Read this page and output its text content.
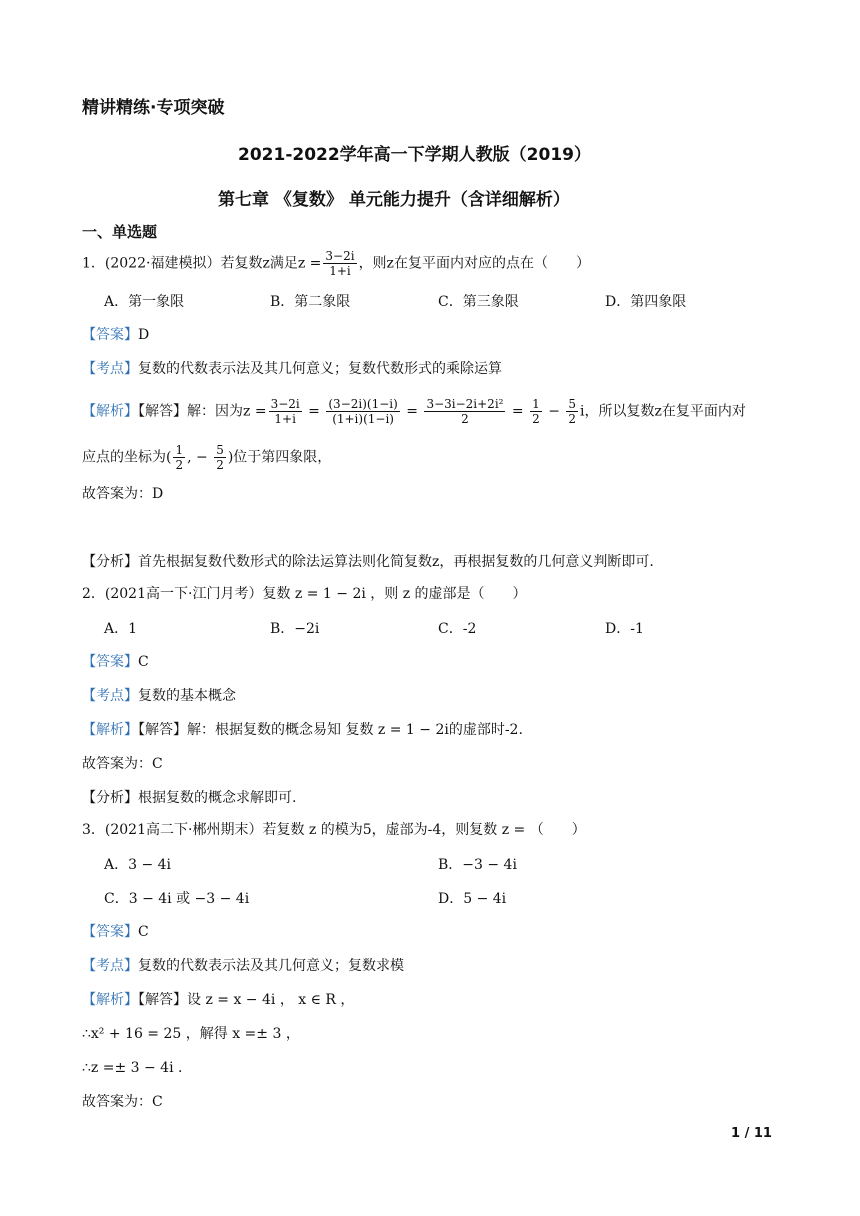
精讲精练·专项突破
2021-2022学年高一下学期人教版（2019）
第七章 《复数》 单元能力提升（含详细解析）
一、单选题
1．(2022·福建模拟）若复数z满足$z = \frac{3-2i}{1+i}$ ，则z在复平面内对应的点在（　　）
A．第一象限	B．第二象限	C．第三象限	D．第四象限
【答案】D
【考点】复数的代数表示法及其几何意义；复数代数形式的乘除运算
【解析】【解答】解：因为$z = \frac{3-2i}{1+i} = \frac{(3-2i)(1-i)}{(1+i)(1-i)} = \frac{\text{3−3i−2i+2i²}}{2} = \frac{1}{2} - \frac{5}{2}$ i，所以复数z在复平面内对
应点的坐标为( $\frac{1}{2}$ , − $\frac{5}{2}$ )位于第四象限，
故答案为：D
【分析】首先根据复数代数形式的除法运算法则化简复数z，再根据复数的几何意义判断即可.
2．(2021高一下·江门月考）复数 z = 1 − 2i ，则 z 的虚部是（　　）
A．1	B．−2i	C．-2	D．-1
【答案】C
【考点】复数的基本概念
【解析】【解答】解：根据复数的概念易知 复数 z = 1 − 2i的虚部时-2.
故答案为：C
【分析】根据复数的概念求解即可.
3．(2021高二下·郴州期末）若复数 z 的模为5，虚部为-4，则复数 z = （　　）
A．3 − 4i	B．−3 − 4i
C．3 − 4i 或 −3 − 4i	D．5 − 4i
【答案】C
【考点】复数的代数表示法及其几何意义；复数求模
【解析】【解答】设 z = x − 4i ， x ∈ R ，
∴x² + 16 = 25 ，解得 x =± 3 ，
∴z =± 3 − 4i .
故答案为：C
1 / 11
